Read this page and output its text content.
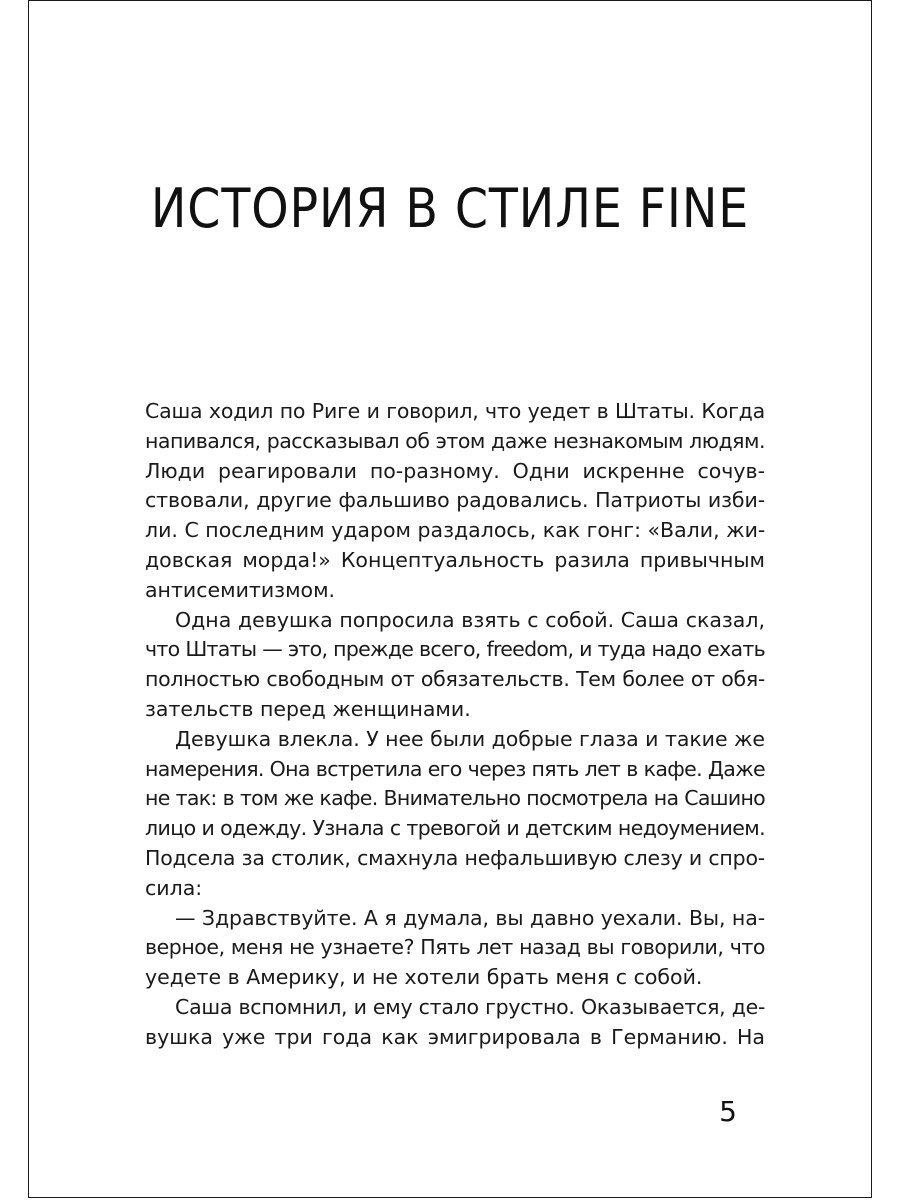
ИСТОРИЯ В СТИЛЕ FINE

Саша ходил по Риге и говорил, что уедет в Штаты. Когда
напивался, рассказывал об этом даже незнакомым людям.
Люди реагировали по-разному. Одни искренне сочув-
ствовали, другие фальшиво радовались. Патриоты изби-
ли. С последним ударом раздалось, как гонг: «Вали, жи-
довская морда!» Концептуальность разила привычным
антисемитизмом.

Одна девушка попросила взять с собой. Саша сказал,
что Штаты — это, прежде всего, freedom, и туда надо ехать
полностью свободным от обязательств. Тем более от обя-
зательств перед женщинами.

Девушка влекла. У нее были добрые глаза и такие же
намерения. Она встретила его через пять лет в кафе. Даже
не так: в том же кафе. Внимательно посмотрела на Сашино
лицо и одежду. Узнала с тревогой и детским недоумением.
Подсела за столик, смахнула нефальшивую слезу и спро-
сила:

— Здравствуйте. А я думала, вы давно уехали. Вы, на-
верное, меня не узнаете? Пять лет назад вы говорили, что
уедете в Америку, и не хотели брать меня с собой.

Саша вспомнил, и ему стало грустно. Оказывается, де-
вушка уже три года как эмигрировала в Германию. На

5
